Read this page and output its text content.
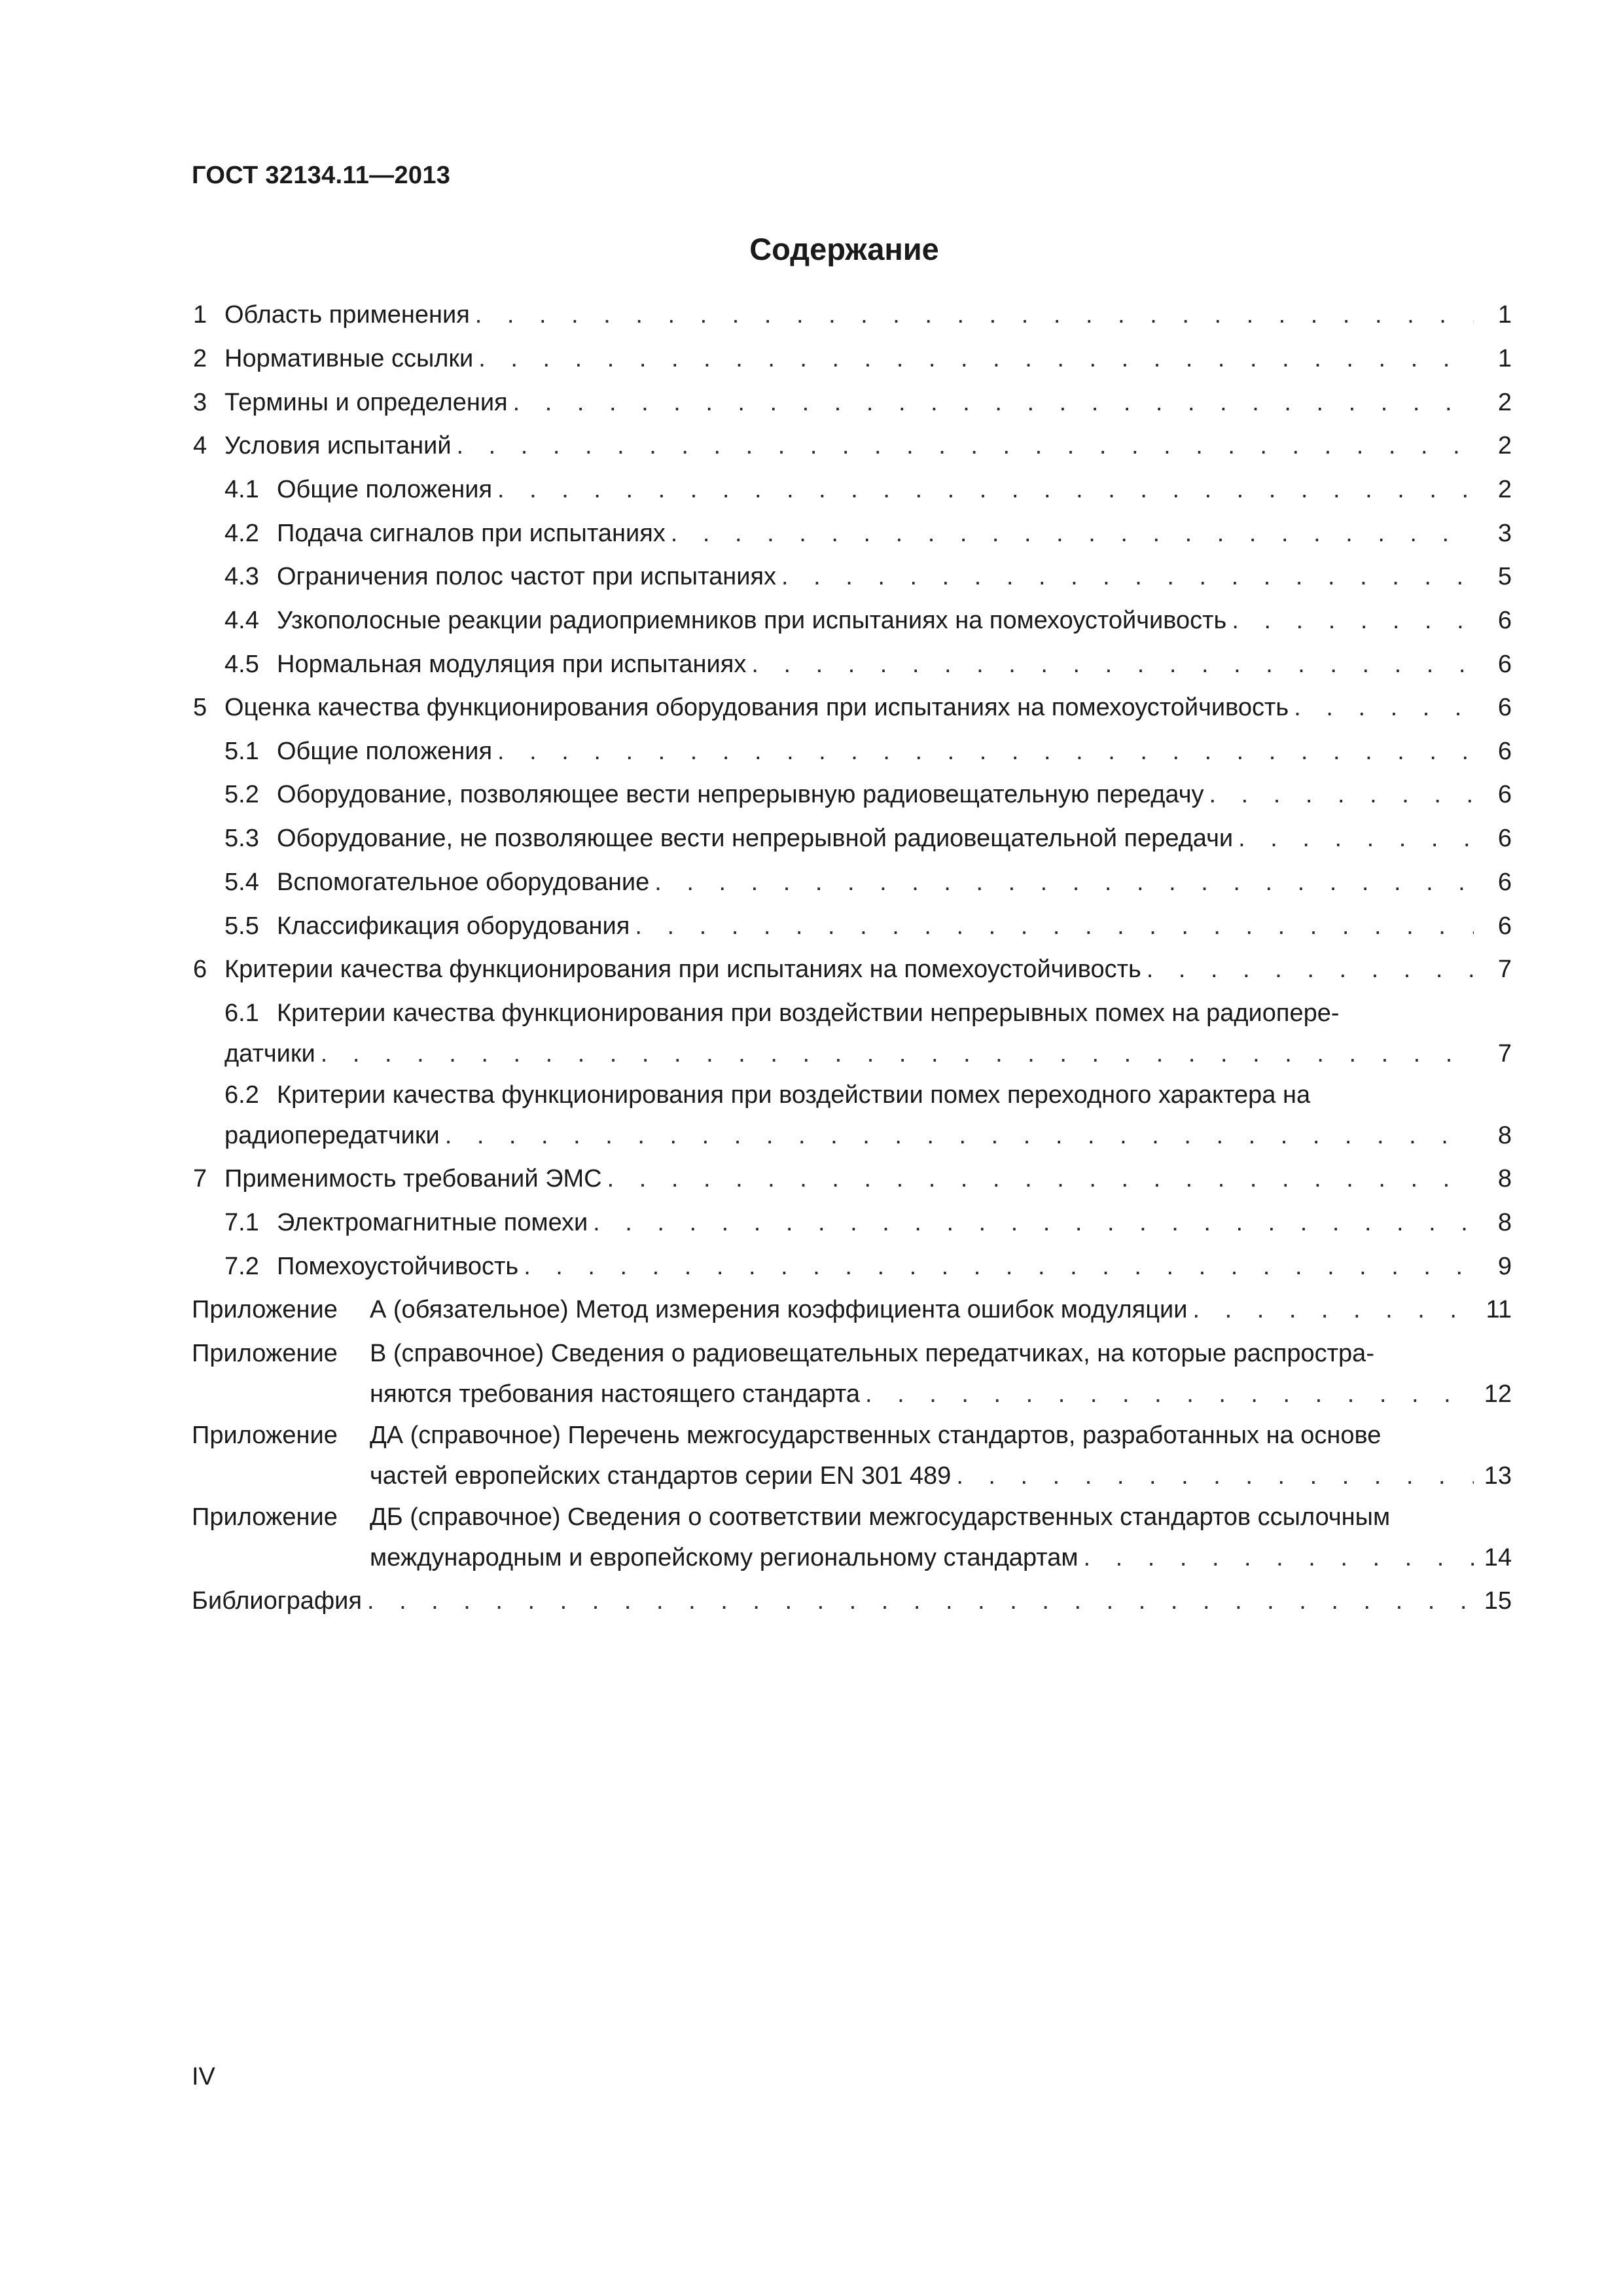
ГОСТ 32134.11—2013
Содержание
1 Область применения . . .	1
2 Нормативные ссылки . . .	1
3 Термины и определения . . .	2
4 Условия испытаний . . .	2
4.1 Общие положения . . .	2
4.2 Подача сигналов при испытаниях . . .	3
4.3 Ограничения полос частот при испытаниях . . .	5
4.4 Узкополосные реакции радиоприемников при испытаниях на помехоустойчивость . . .	6
4.5 Нормальная модуляция при испытаниях . . .	6
5 Оценка качества функционирования оборудования при испытаниях на помехоустойчивость . . .	6
5.1 Общие положения . . .	6
5.2 Оборудование, позволяющее вести непрерывную радиовещательную передачу . . .	6
5.3 Оборудование, не позволяющее вести непрерывной радиовещательной передачи . . .	6
5.4 Вспомогательное оборудование . . .	6
5.5 Классификация оборудования . . .	6
6 Критерии качества функционирования при испытаниях на помехоустойчивость . . .	7
6.1 Критерии качества функционирования при воздействии непрерывных помех на радиопере-
датчики . . .	7
6.2 Критерии качества функционирования при воздействии помех переходного характера на
радиопередатчики . . .	8
7 Применимость требований ЭМС . . .	8
7.1 Электромагнитные помехи . . .	8
7.2 Помехоустойчивость . . .	9
Приложение	А (обязательное) Метод измерения коэффициента ошибок модуляции . . .	11
Приложение В (справочное) Сведения о радиовещательных передатчиках, на которые распростра-
няются требования настоящего стандарта . . .	12
Приложение ДА (справочное) Перечень межгосударственных стандартов, разработанных на основе
частей европейских стандартов серии EN 301 489 . . .	13
Приложение ДБ (справочное) Сведения о соответствии межгосударственных стандартов ссылочным
международным и европейскому региональному стандартам . . .	14
Библиография . . .	15
IV
